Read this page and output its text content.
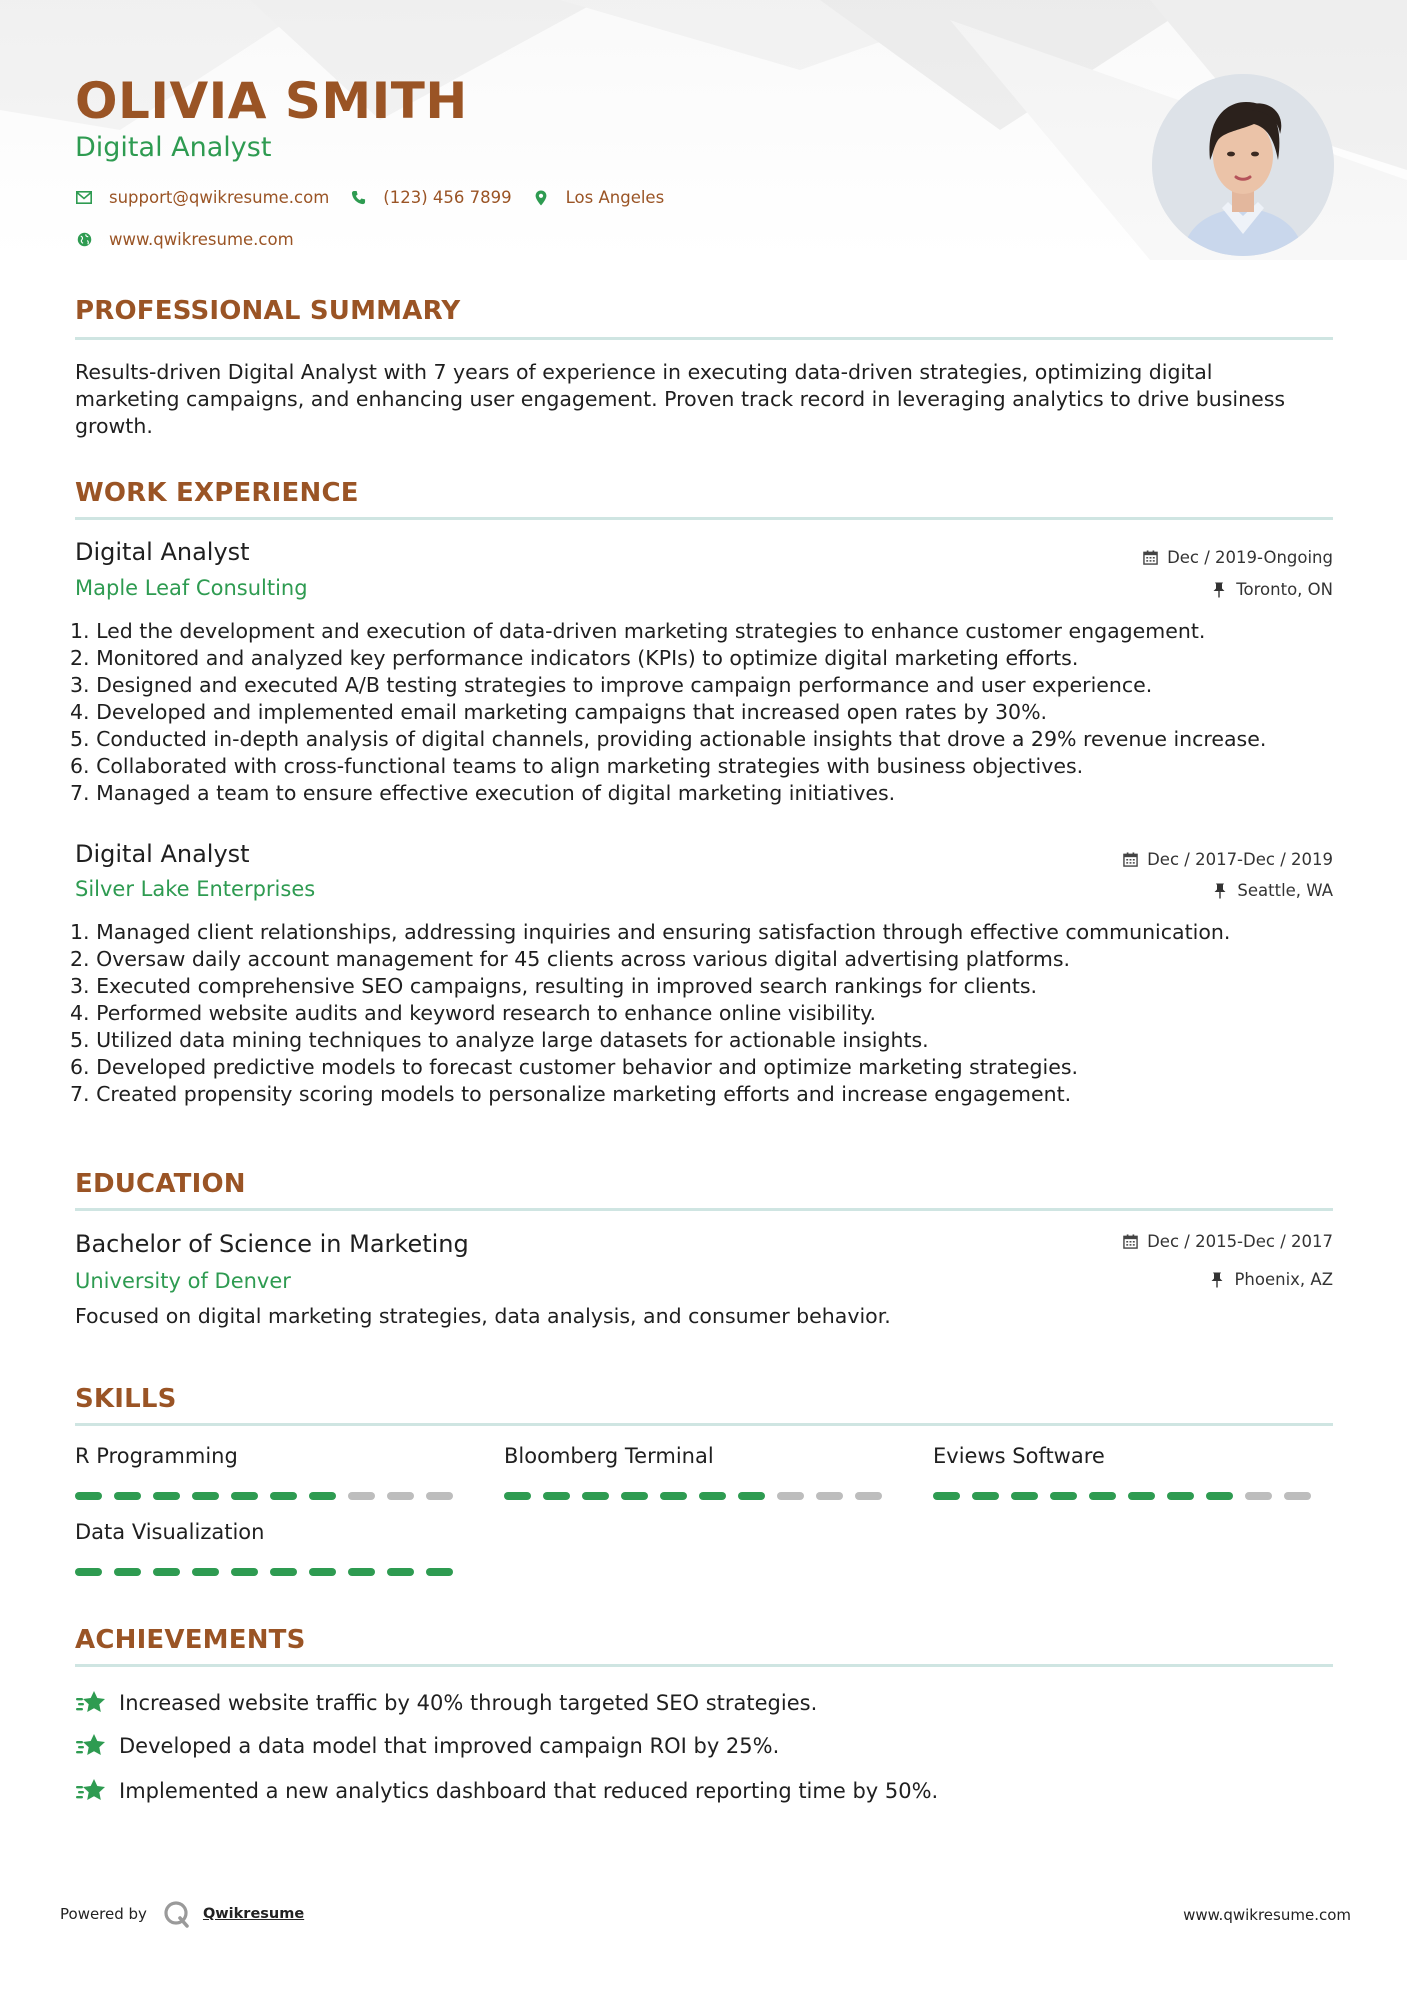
OLIVIA SMITH
Digital Analyst
support@qwikresume.com	(123) 456 7899	Los Angeles
www.qwikresume.com
PROFESSIONAL SUMMARY
Results-driven Digital Analyst with 7 years of experience in executing data-driven strategies, optimizing digital
marketing campaigns, and enhancing user engagement. Proven track record in leveraging analytics to drive business
growth.
WORK EXPERIENCE
Digital Analyst	Dec / 2019-Ongoing
Maple Leaf Consulting	Toronto, ON
1. Led the development and execution of data-driven marketing strategies to enhance customer engagement.
2. Monitored and analyzed key performance indicators (KPIs) to optimize digital marketing efforts.
3. Designed and executed A/B testing strategies to improve campaign performance and user experience.
4. Developed and implemented email marketing campaigns that increased open rates by 30%.
5. Conducted in-depth analysis of digital channels, providing actionable insights that drove a 29% revenue increase.
6. Collaborated with cross-functional teams to align marketing strategies with business objectives.
7. Managed a team to ensure effective execution of digital marketing initiatives.
Digital Analyst	Dec / 2017-Dec / 2019
Silver Lake Enterprises	Seattle, WA
1. Managed client relationships, addressing inquiries and ensuring satisfaction through effective communication.
2. Oversaw daily account management for 45 clients across various digital advertising platforms.
3. Executed comprehensive SEO campaigns, resulting in improved search rankings for clients.
4. Performed website audits and keyword research to enhance online visibility.
5. Utilized data mining techniques to analyze large datasets for actionable insights.
6. Developed predictive models to forecast customer behavior and optimize marketing strategies.
7. Created propensity scoring models to personalize marketing efforts and increase engagement.
EDUCATION
Bachelor of Science in Marketing	Dec / 2015-Dec / 2017
University of Denver	Phoenix, AZ
Focused on digital marketing strategies, data analysis, and consumer behavior.
SKILLS
R Programming	Bloomberg Terminal	Eviews Software
Data Visualization
ACHIEVEMENTS
Increased website traffic by 40% through targeted SEO strategies.
Developed a data model that improved campaign ROI by 25%.
Implemented a new analytics dashboard that reduced reporting time by 50%.
Powered by	Qwikresume	www.qwikresume.com
